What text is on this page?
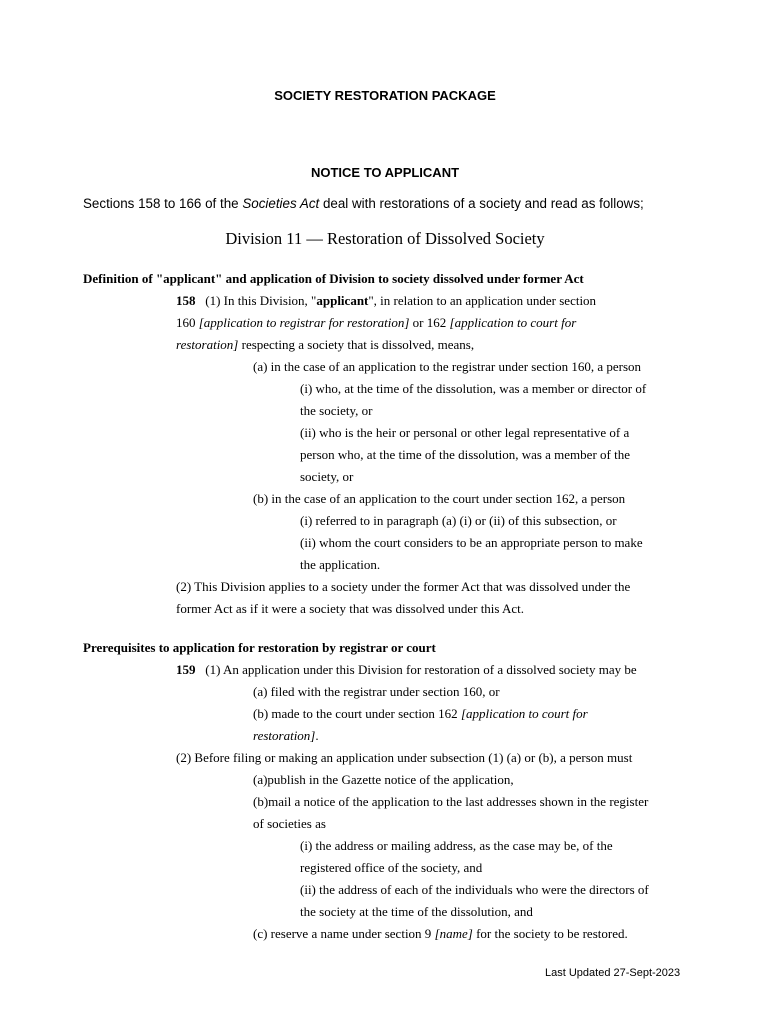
SOCIETY RESTORATION PACKAGE
NOTICE TO APPLICANT
Sections 158 to 166 of the Societies Act deal with restorations of a society and read as follows;
Division 11 — Restoration of Dissolved Society
Definition of "applicant" and application of Division to society dissolved under former Act
158   (1) In this Division, "applicant", in relation to an application under section
160 [application to registrar for restoration] or 162 [application to court for
restoration] respecting a society that is dissolved, means,
(a) in the case of an application to the registrar under section 160, a person
(i) who, at the time of the dissolution, was a member or director of
the society, or
(ii) who is the heir or personal or other legal representative of a
person who, at the time of the dissolution, was a member of the
society, or
(b) in the case of an application to the court under section 162, a person
(i) referred to in paragraph (a) (i) or (ii) of this subsection, or
(ii) whom the court considers to be an appropriate person to make
the application.
(2) This Division applies to a society under the former Act that was dissolved under the
former Act as if it were a society that was dissolved under this Act.
Prerequisites to application for restoration by registrar or court
159   (1) An application under this Division for restoration of a dissolved society may be
(a) filed with the registrar under section 160, or
(b) made to the court under section 162 [application to court for
restoration].
(2) Before filing or making an application under subsection (1) (a) or (b), a person must
(a)publish in the Gazette notice of the application,
(b)mail a notice of the application to the last addresses shown in the register
of societies as
(i) the address or mailing address, as the case may be, of the
registered office of the society, and
(ii) the address of each of the individuals who were the directors of
the society at the time of the dissolution, and
(c) reserve a name under section 9 [name] for the society to be restored.
Last Updated 27-Sept-2023
